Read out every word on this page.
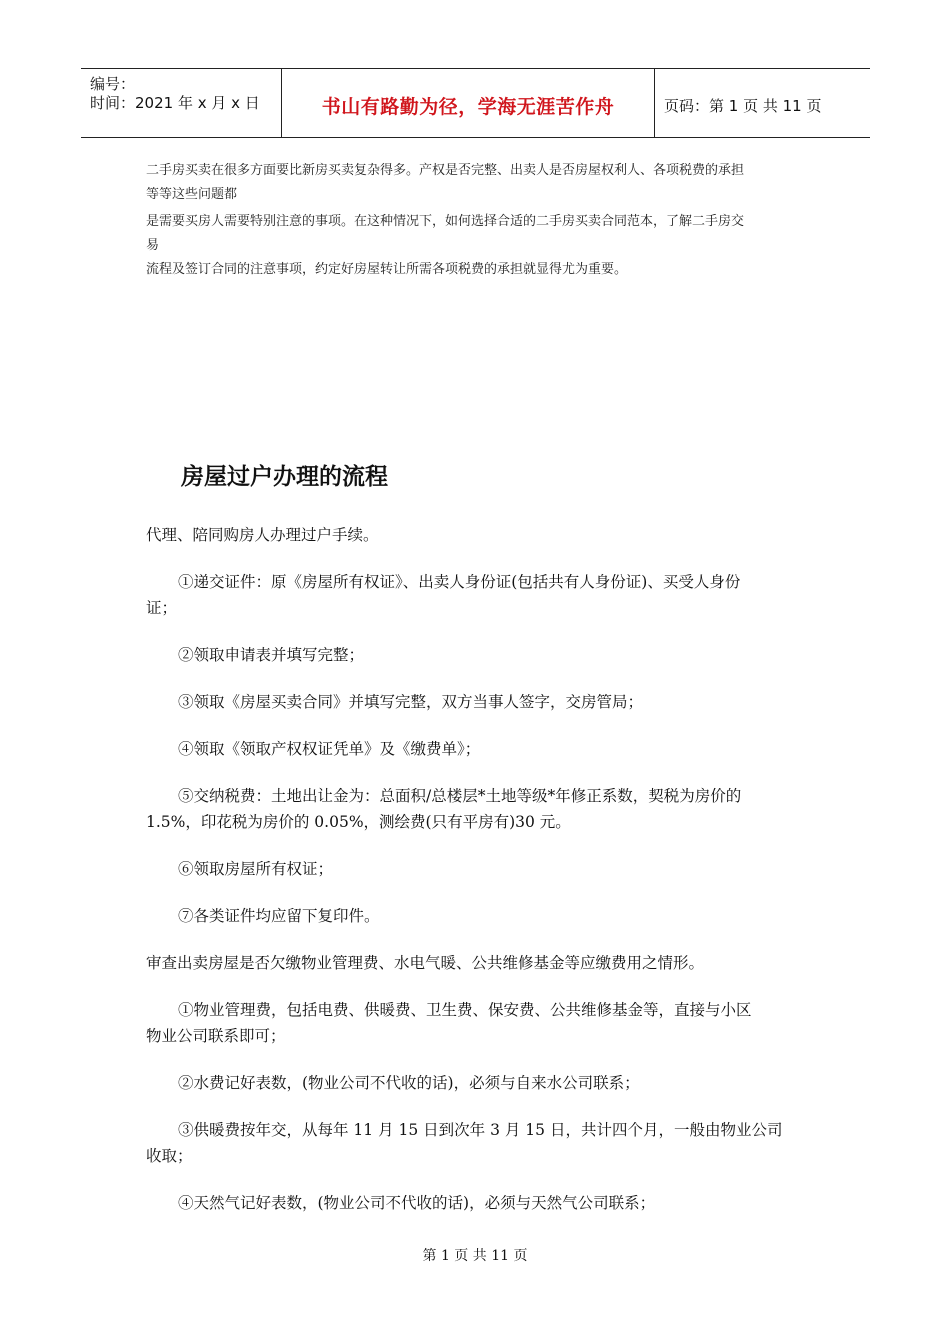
编号：
时间：2021 年 x 月 x 日	书山有路勤为径，学海无涯苦作舟	页码：第 1 页 共 11 页
二手房买卖在很多方面要比新房买卖复杂得多。产权是否完整、出卖人是否房屋权利人、各项税费的承担
等等这些问题都
是需要买房人需要特别注意的事项。在这种情况下，如何选择合适的二手房买卖合同范本，了解二手房交
易
流程及签订合同的注意事项，约定好房屋转让所需各项税费的承担就显得尤为重要。
房屋过户办理的流程
代理、陪同购房人办理过户手续。
①递交证件：原《房屋所有权证》、出卖人身份证(包括共有人身份证)、买受人身份
证；
②领取申请表并填写完整；
③领取《房屋买卖合同》并填写完整，双方当事人签字，交房管局；
④领取《领取产权权证凭单》及《缴费单》；
⑤交纳税费：土地出让金为：总面积/总楼层*土地等级*年修正系数，契税为房价的
1.5%，印花税为房价的 0.05%，测绘费(只有平房有)30 元。
⑥领取房屋所有权证；
⑦各类证件均应留下复印件。
审查出卖房屋是否欠缴物业管理费、水电气暖、公共维修基金等应缴费用之情形。
①物业管理费，包括电费、供暖费、卫生费、保安费、公共维修基金等，直接与小区
物业公司联系即可；
②水费记好表数，(物业公司不代收的话)，必须与自来水公司联系；
③供暖费按年交，从每年 11 月 15 日到次年 3 月 15 日，共计四个月，一般由物业公司
收取；
④天然气记好表数，(物业公司不代收的话)，必须与天然气公司联系；
第 1 页 共 11 页
